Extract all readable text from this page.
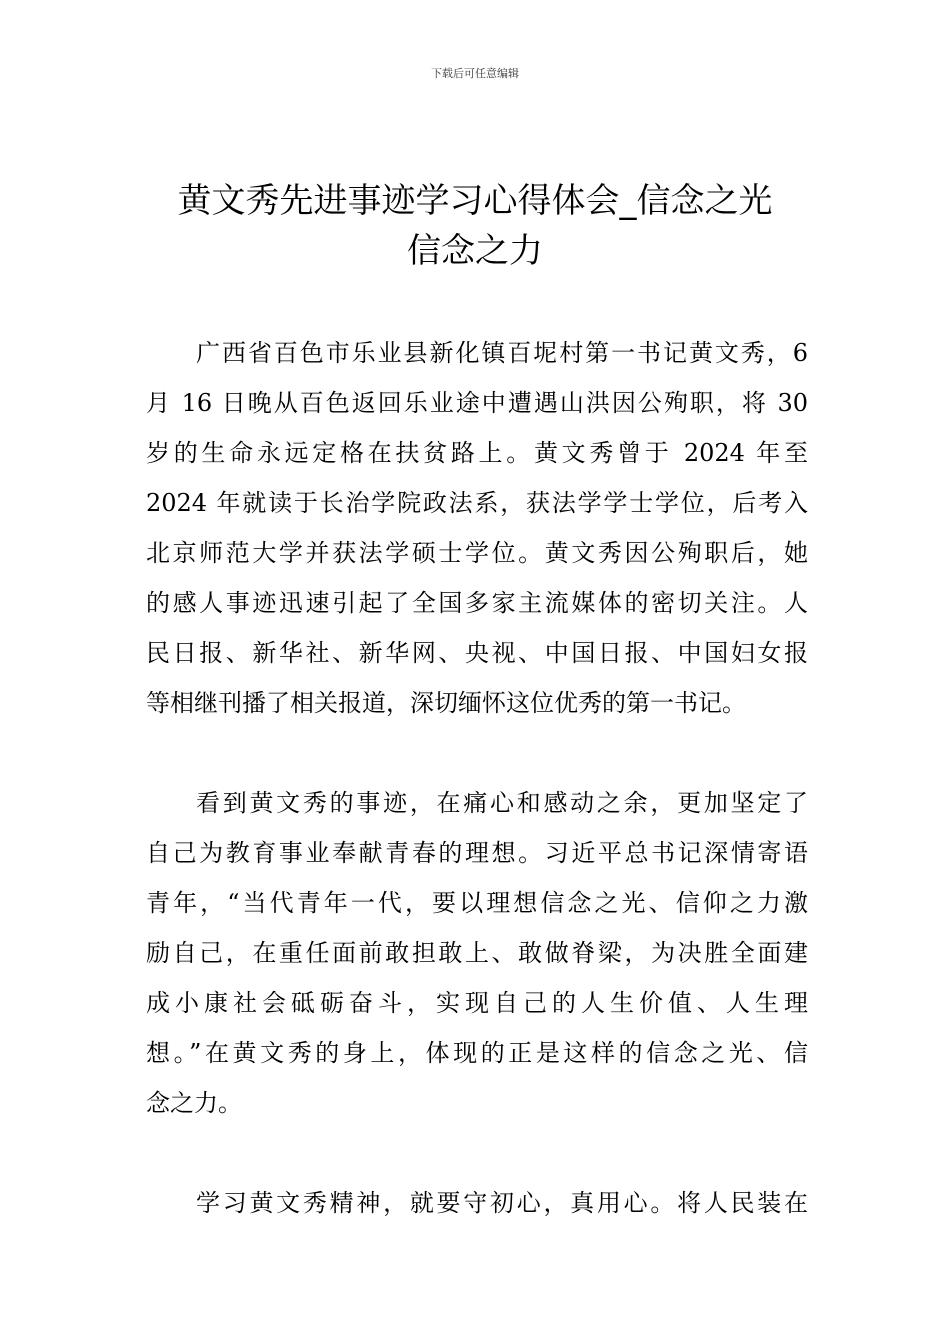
下载后可任意编辑
黄文秀先进事迹学习心得体会_信念之光
信念之力
广西省百色市乐业县新化镇百坭村第一书记黄文秀，6
月 16 日晚从百色返回乐业途中遭遇山洪因公殉职，将 30
岁的生命永远定格在扶贫路上。黄文秀曾于 2024 年至
2024 年就读于长治学院政法系，获法学学士学位，后考入
北京师范大学并获法学硕士学位。黄文秀因公殉职后，她
的感人事迹迅速引起了全国多家主流媒体的密切关注。人
民日报、新华社、新华网、央视、中国日报、中国妇女报
等相继刊播了相关报道，深切缅怀这位优秀的第一书记。
看到黄文秀的事迹，在痛心和感动之余，更加坚定了
自己为教育事业奉献青春的理想。习近平总书记深情寄语
青年，“当代青年一代，要以理想信念之光、信仰之力激
励自己，在重任面前敢担敢上、敢做脊梁，为决胜全面建
成小康社会砥砺奋斗，实现自己的人生价值、人生理
想。”在黄文秀的身上，体现的正是这样的信念之光、信
念之力。
学习黄文秀精神，就要守初心，真用心。将人民装在
